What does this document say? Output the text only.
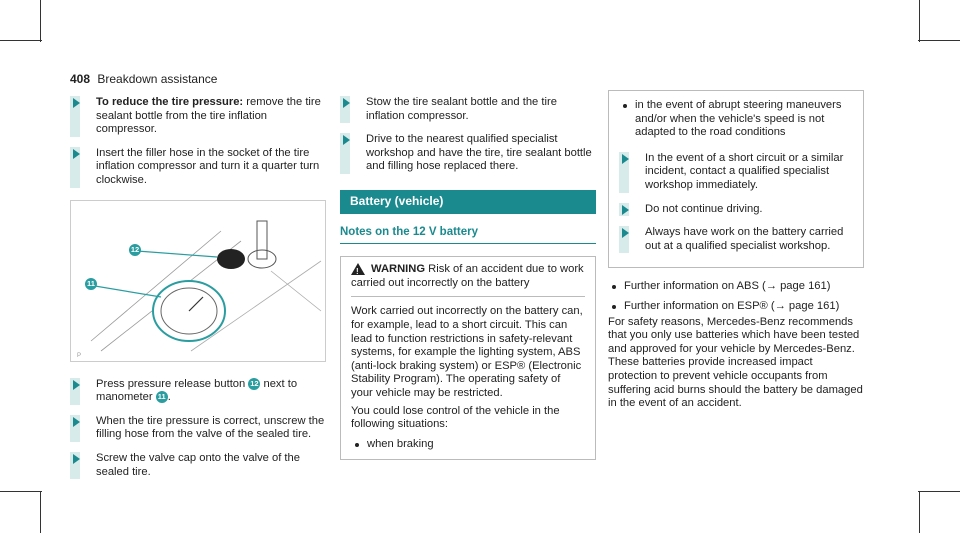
408 Breakdown assistance

To reduce the tire pressure: remove the tire sealant bottle from the tire inflation compressor.

Insert the filler hose in the socket of the tire inflation compressor and turn it a quarter turn clockwise.

P
12
11

Press pressure release button 12 next to manometer 11 .

When the tire pressure is correct, unscrew the filling hose from the valve of the sealed tire.

Screw the valve cap onto the valve of the sealed tire.

Stow the tire sealant bottle and the tire inflation compressor.

Drive to the nearest qualified specialist workshop and have the tire, tire sealant bottle and filling hose replaced there.

Battery (vehicle)
Notes on the 12 V battery

! WARNING Risk of an accident due to work carried out incorrectly on the battery

Work carried out incorrectly on the battery can, for example, lead to a short circuit. This can lead to function restrictions in safety-relevant systems, for example the lighting system, ABS (anti-lock braking system) or ESP® (Electronic Stability Program). The operating safety of your vehicle may be restricted.

You could lose control of the vehicle in the following situations:

when braking
in the event of abrupt steering maneuvers and/or when the vehicle's speed is not adapted to the road conditions

In the event of a short circuit or a similar incident, contact a qualified specialist workshop immediately.

Do not continue driving.

Always have work on the battery carried out at a qualified specialist workshop.

Further information on ABS (→ page 161)
Further information on ESP® (→ page 161)

For safety reasons, Mercedes-Benz recommends that you only use batteries which have been tested and approved for your vehicle by Mercedes-Benz. These batteries provide increased impact protection to prevent vehicle occupants from suffering acid burns should the battery be damaged in the event of an accident.
